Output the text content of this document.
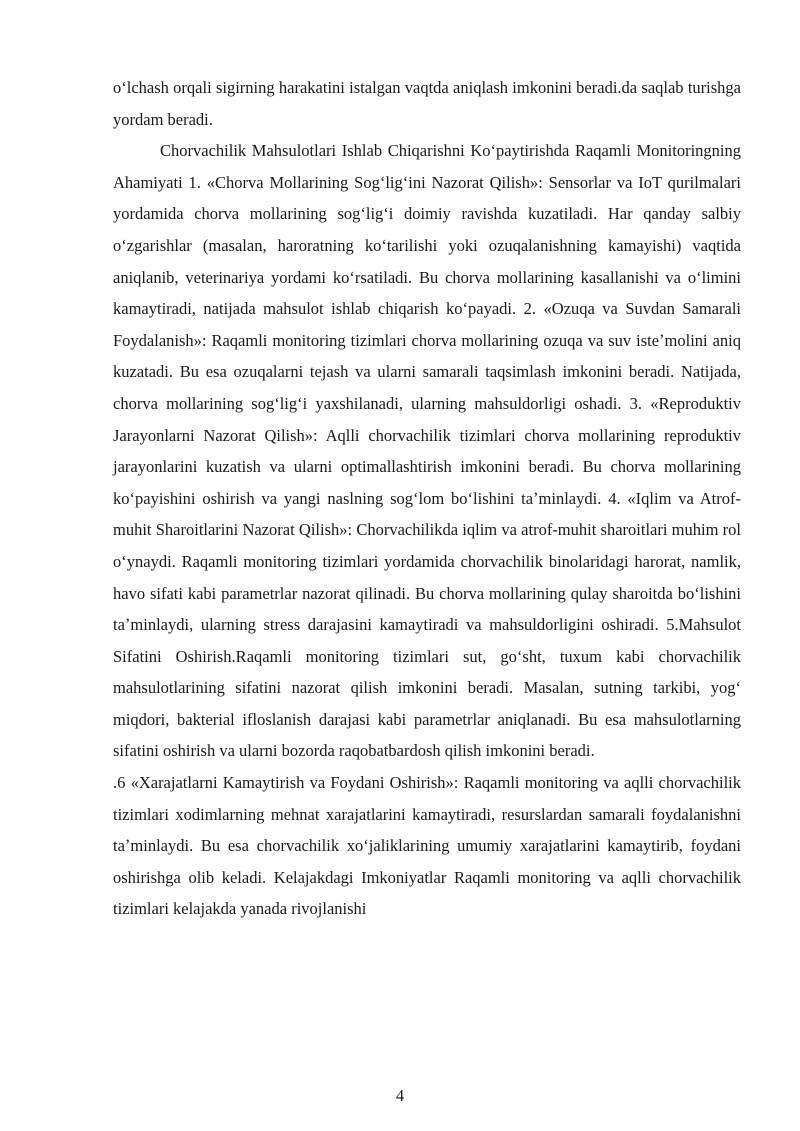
oʻlchash orqali sigirning harakatini istalgan vaqtda aniqlash imkonini beradi.da saqlab turishga yordam beradi.

Chorvachilik Mahsulotlari Ishlab Chiqarishni Koʻpaytirishda Raqamli Monitoringning Ahamiyati 1. «Chorva Mollarining Sogʻligʻini Nazorat Qilish»: Sensorlar va IoT qurilmalari yordamida chorva mollarining sogʻligʻi doimiy ravishda kuzatiladi. Har qanday salbiy oʻzgarishlar (masalan, haroratning koʻtarilishi yoki ozuqalanishning kamayishi) vaqtida aniqlanib, veterinariya yordami koʻrsatiladi. Bu chorva mollarining kasallanishi va oʻlimini kamaytiradi, natijada mahsulot ishlab chiqarish koʻpayadi. 2. «Ozuqa va Suvdan Samarali Foydalanish»: Raqamli monitoring tizimlari chorva mollarining ozuqa va suv isteʼmolini aniq kuzatadi. Bu esa ozuqalarni tejash va ularni samarali taqsimlash imkonini beradi. Natijada, chorva mollarining sogʻligʻi yaxshilanadi, ularning mahsuldorligi oshadi. 3. «Reproduktiv Jarayonlarni Nazorat Qilish»: Aqlli chorvachilik tizimlari chorva mollarining reproduktiv jarayonlarini kuzatish va ularni optimallashtirish imkonini beradi. Bu chorva mollarining koʻpayishini oshirish va yangi naslning sogʻlom boʻlishini taʼminlaydi. 4. «Iqlim va Atrof-muhit Sharoitlarini Nazorat Qilish»: Chorvachilikda iqlim va atrof-muhit sharoitlari muhim rol oʻynaydi. Raqamli monitoring tizimlari yordamida chorvachilik binolaridagi harorat, namlik, havo sifati kabi parametrlar nazorat qilinadi. Bu chorva mollarining qulay sharoitda boʻlishini taʼminlaydi, ularning stress darajasini kamaytiradi va mahsuldorligini oshiradi. 5.Mahsulot Sifatini Oshirish.Raqamli monitoring tizimlari sut, goʻsht, tuxum kabi chorvachilik mahsulotlarining sifatini nazorat qilish imkonini beradi. Masalan, sutning tarkibi, yogʻ miqdori, bakterial ifloslanish darajasi kabi parametrlar aniqlanadi. Bu esa mahsulotlarning sifatini oshirish va ularni bozorda raqobatbardosh qilish imkonini beradi.

.6 «Xarajatlarni Kamaytirish va Foydani Oshirish»: Raqamli monitoring va aqlli chorvachilik tizimlari xodimlarning mehnat xarajatlarini kamaytiradi, resurslardan samarali foydalanishni taʼminlaydi. Bu esa chorvachilik xoʻjaliklarining umumiy xarajatlarini kamaytirib, foydani oshirishga olib keladi. Kelajakdagi Imkoniyatlar Raqamli monitoring va aqlli chorvachilik tizimlari kelajakda yanada rivojlanishi

4
